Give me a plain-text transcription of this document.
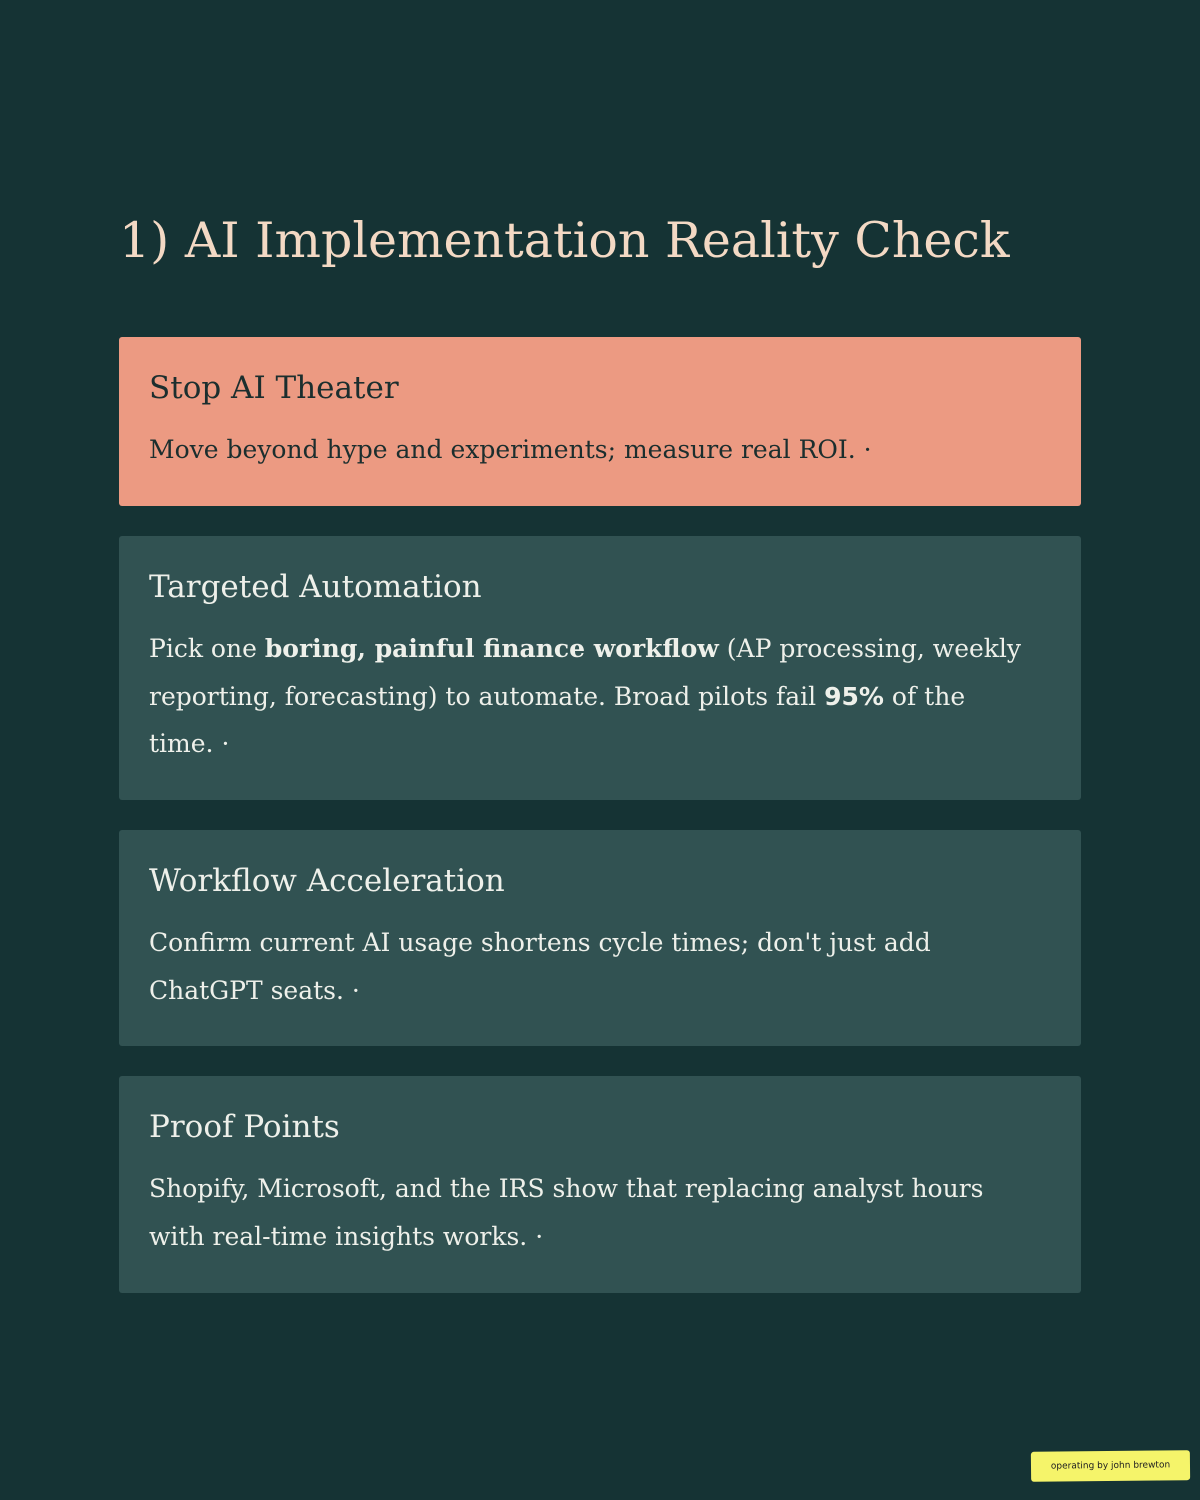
1) AI Implementation Reality Check
Stop AI Theater

Move beyond hype and experiments; measure real ROI. ·

Targeted Automation

Pick one boring, painful finance workflow (AP processing, weekly
reporting, forecasting) to automate. Broad pilots fail 95% of the
time. ·

Workflow Acceleration

Confirm current AI usage shortens cycle times; don't just add
ChatGPT seats. ·

Proof Points

Shopify, Microsoft, and the IRS show that replacing analyst hours
with real-time insights works. ·

operating by john brewton
